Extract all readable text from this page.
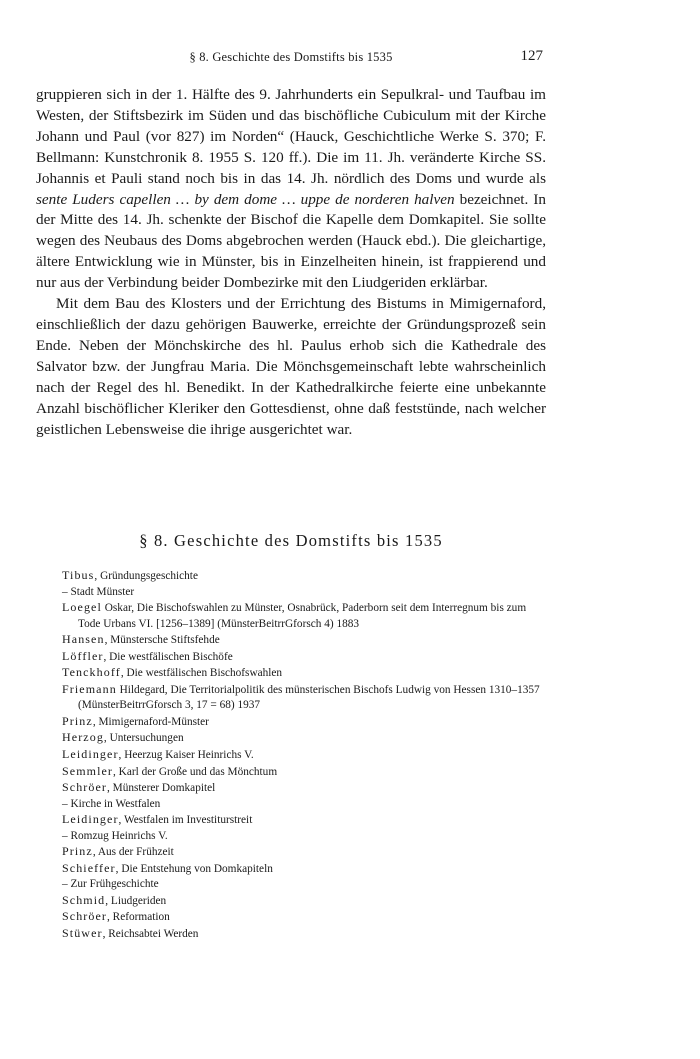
§ 8. Geschichte des Domstifts bis 1535	127

gruppieren sich in der 1. Hälfte des 9. Jahrhunderts ein Sepulkral- und Taufbau im Westen, der Stiftsbezirk im Süden und das bischöfliche Cubiculum mit der Kirche Johann und Paul (vor 827) im Norden“ (Hauck, Geschichtliche Werke S. 370; F. Bellmann: Kunstchronik 8. 1955 S. 120 ff.). Die im 11. Jh. veränderte Kirche SS. Johannis et Pauli stand noch bis in das 14. Jh. nördlich des Doms und wurde als sente Luders capellen … by dem dome … uppe de norderen halven bezeichnet. In der Mitte des 14. Jh. schenkte der Bischof die Kapelle dem Domkapitel. Sie sollte wegen des Neubaus des Doms abgebrochen werden (Hauck ebd.). Die gleichartige, ältere Entwicklung wie in Münster, bis in Einzelheiten hinein, ist frappierend und nur aus der Verbindung beider Dombezirke mit den Liudgeriden erklärbar.

Mit dem Bau des Klosters und der Errichtung des Bistums in Mimigernaford, einschließlich der dazu gehörigen Bauwerke, erreichte der Gründungsprozeß sein Ende. Neben der Mönchskirche des hl. Paulus erhob sich die Kathedrale des Salvator bzw. der Jungfrau Maria. Die Mönchsgemeinschaft lebte wahrscheinlich nach der Regel des hl. Benedikt. In der Kathedralkirche feierte eine unbekannte Anzahl bischöflicher Kleriker den Gottesdienst, ohne daß feststünde, nach welcher geistlichen Lebensweise die ihrige ausgerichtet war.

§ 8. Geschichte des Domstifts bis 1535
Tibus, Gründungsgeschichte
– Stadt Münster
Loegel Oskar, Die Bischofswahlen zu Münster, Osnabrück, Paderborn seit dem Interregnum bis zum Tode Urbans VI. [1256–1389] (MünsterBeitrrGforsch 4) 1883
Hansen, Münstersche Stiftsfehde
Löffler, Die westfälischen Bischöfe
Tenckhoff, Die westfälischen Bischofswahlen
Friemann Hildegard, Die Territorialpolitik des münsterischen Bischofs Ludwig von Hessen 1310–1357 (MünsterBeitrrGforsch 3, 17 = 68) 1937
Prinz, Mimigernaford-Münster
Herzog, Untersuchungen
Leidinger, Heerzug Kaiser Heinrichs V.
Semmler, Karl der Große und das Mönchtum
Schröer, Münsterer Domkapitel
– Kirche in Westfalen
Leidinger, Westfalen im Investiturstreit
– Romzug Heinrichs V.
Prinz, Aus der Frühzeit
Schieffer, Die Entstehung von Domkapiteln
– Zur Frühgeschichte
Schmid, Liudgeriden
Schröer, Reformation
Stüwer, Reichsabtei Werden
